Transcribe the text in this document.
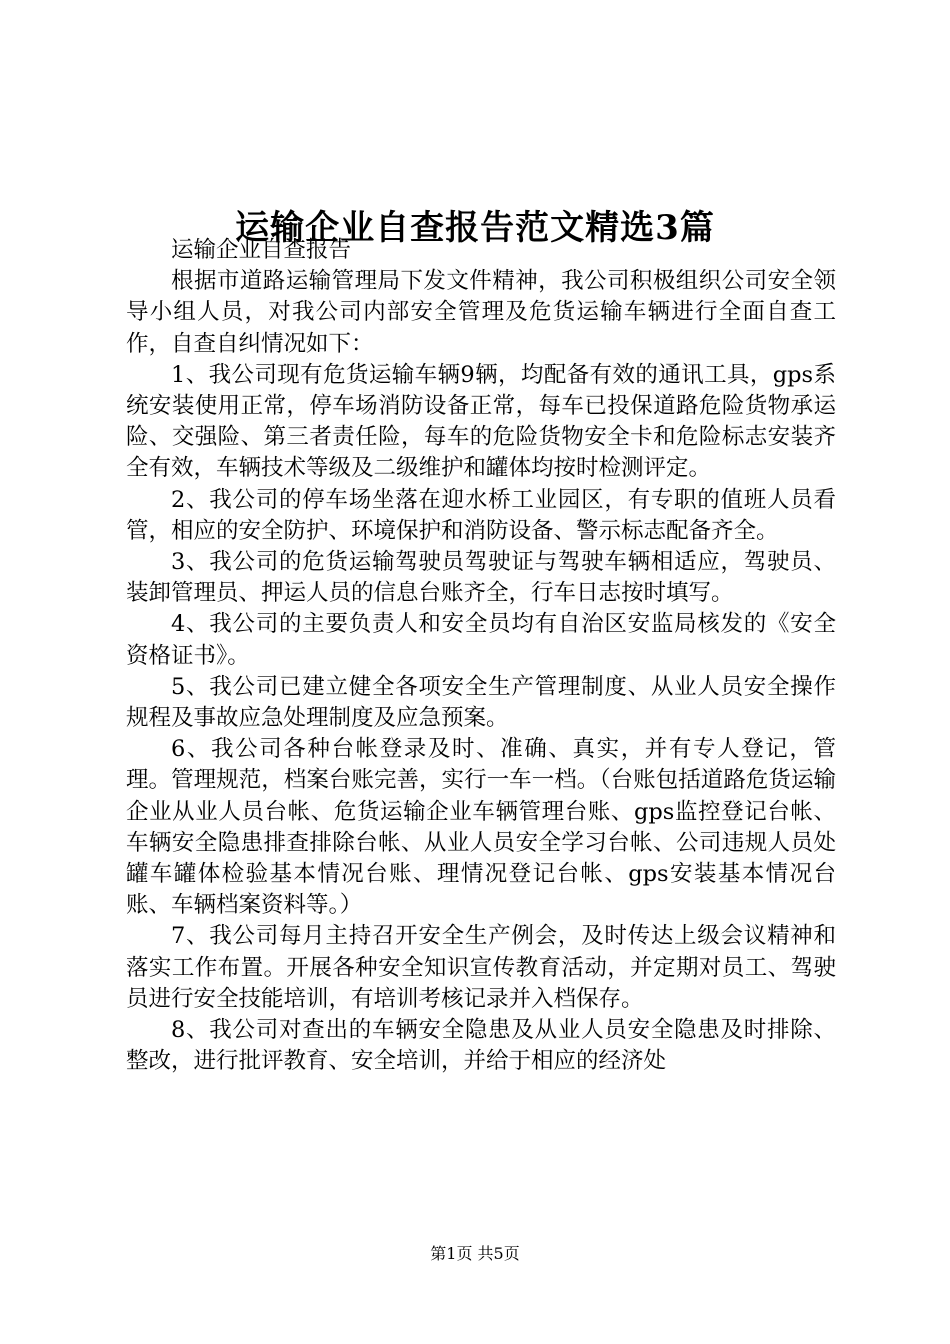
运输企业自查报告范文精选3篇

运输企业自查报告

根据市道路运输管理局下发文件精神，我公司积极组织公司安全领导小组人员，对我公司内部安全管理及危货运输车辆进行全面自查工作，自查自纠情况如下：

1、我公司现有危货运输车辆9辆，均配备有效的通讯工具，gps系统安装使用正常，停车场消防设备正常，每车已投保道路危险货物承运险、交强险、第三者责任险，每车的危险货物安全卡和危险标志安装齐全有效，车辆技术等级及二级维护和罐体均按时检测评定。

2、我公司的停车场坐落在迎水桥工业园区，有专职的值班人员看管，相应的安全防护、环境保护和消防设备、警示标志配备齐全。

3、我公司的危货运输驾驶员驾驶证与驾驶车辆相适应，驾驶员、装卸管理员、押运人员的信息台账齐全，行车日志按时填写。

4、我公司的主要负责人和安全员均有自治区安监局核发的《安全资格证书》。

5、我公司已建立健全各项安全生产管理制度、从业人员安全操作规程及事故应急处理制度及应急预案。

6、我公司各种台帐登录及时、准确、真实，并有专人登记，管理。管理规范，档案台账完善，实行一车一档。（台账包括道路危货运输企业从业人员台帐、危货运输企业车辆管理台账、gps监控登记台帐、车辆安全隐患排查排除台帐、从业人员安全学习台帐、公司违规人员处罐车罐体检验基本情况台账、理情况登记台帐、gps安装基本情况台账、车辆档案资料等。）

7、我公司每月主持召开安全生产例会，及时传达上级会议精神和落实工作布置。开展各种安全知识宣传教育活动，并定期对员工、驾驶员进行安全技能培训，有培训考核记录并入档保存。

8、我公司对查出的车辆安全隐患及从业人员安全隐患及时排除、整改，进行批评教育、安全培训，并给于相应的经济处

第1页 共5页
